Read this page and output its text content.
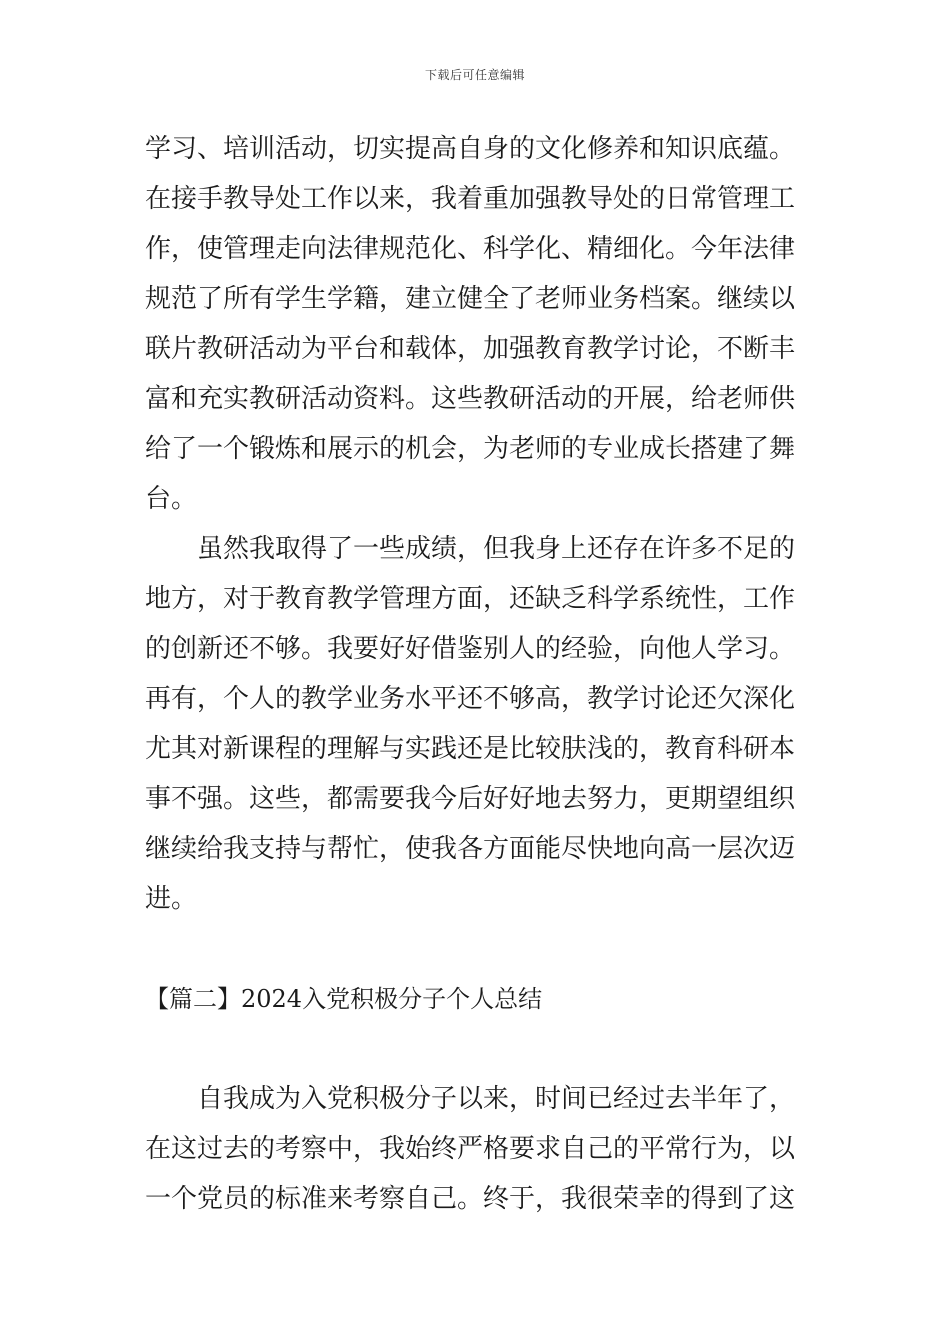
下载后可任意编辑
学习、培训活动，切实提高自身的文化修养和知识底蕴。
在接手教导处工作以来，我着重加强教导处的日常管理工
作，使管理走向法律规范化、科学化、精细化。今年法律
规范了所有学生学籍，建立健全了老师业务档案。继续以
联片教研活动为平台和载体，加强教育教学讨论，不断丰
富和充实教研活动资料。这些教研活动的开展，给老师供
给了一个锻炼和展示的机会，为老师的专业成长搭建了舞
台。
虽然我取得了一些成绩，但我身上还存在许多不足的
地方，对于教育教学管理方面，还缺乏科学系统性，工作
的创新还不够。我要好好借鉴别人的经验，向他人学习。
再有，个人的教学业务水平还不够高，教学讨论还欠深化
尤其对新课程的理解与实践还是比较肤浅的，教育科研本
事不强。这些，都需要我今后好好地去努力，更期望组织
继续给我支持与帮忙，使我各方面能尽快地向高一层次迈
进。
【篇二】2024入党积极分子个人总结
自我成为入党积极分子以来，时间已经过去半年了，
在这过去的考察中，我始终严格要求自己的平常行为，以
一个党员的标准来考察自己。终于，我很荣幸的得到了这
